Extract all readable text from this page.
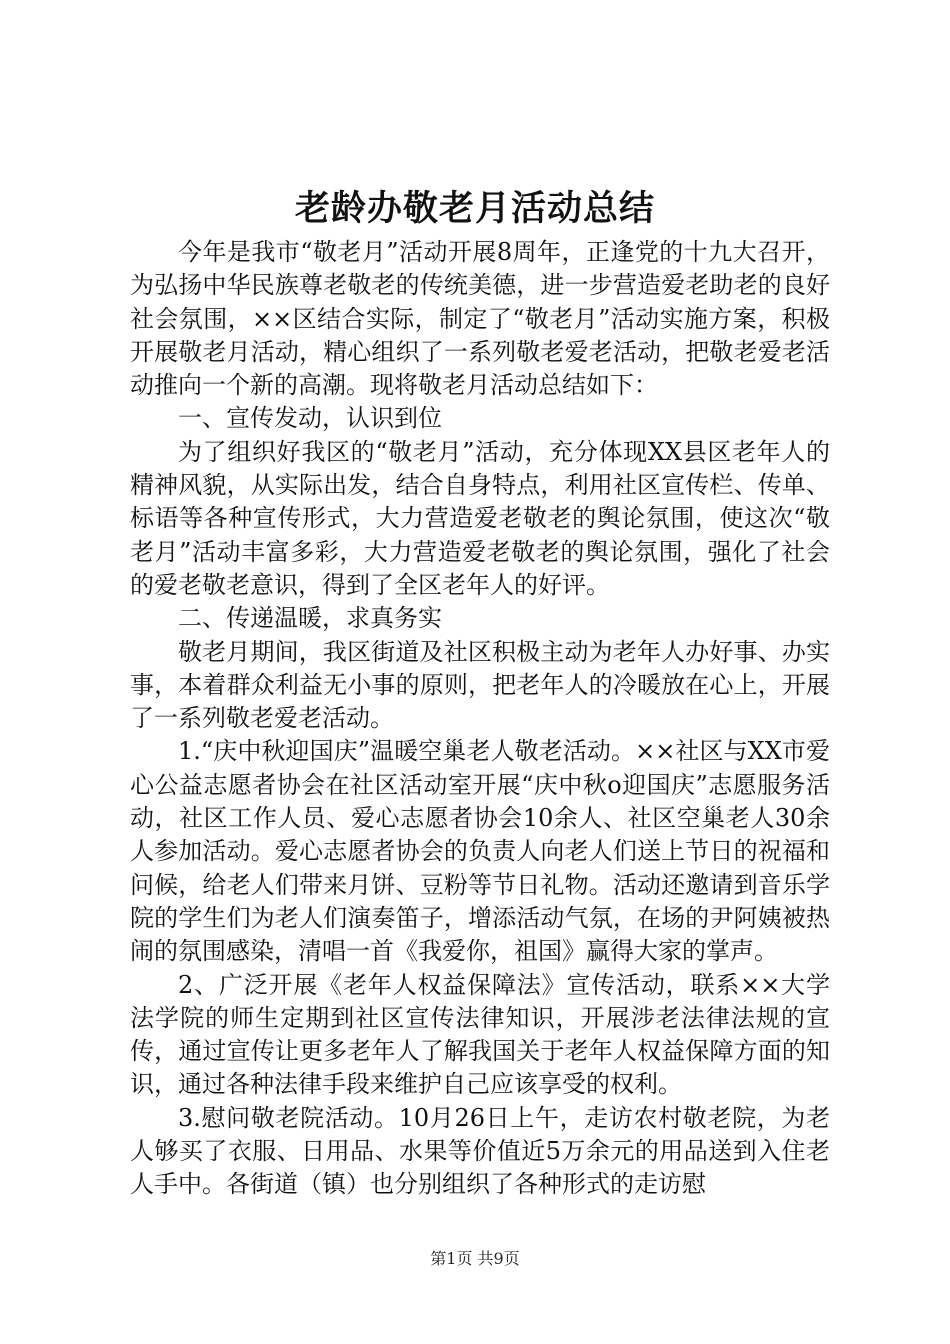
老龄办敬老月活动总结

今年是我市“敬老月”活动开展8周年，正逢党的十九大召开，为弘扬中华民族尊老敬老的传统美德，进一步营造爱老助老的良好社会氛围，××区结合实际，制定了“敬老月”活动实施方案，积极开展敬老月活动，精心组织了一系列敬老爱老活动，把敬老爱老活动推向一个新的高潮。现将敬老月活动总结如下：

一、宣传发动，认识到位

为了组织好我区的“敬老月”活动，充分体现XX县区老年人的精神风貌，从实际出发，结合自身特点，利用社区宣传栏、传单、标语等各种宣传形式，大力营造爱老敬老的舆论氛围，使这次“敬老月”活动丰富多彩，大力营造爱老敬老的舆论氛围，强化了社会的爱老敬老意识，得到了全区老年人的好评。

二、传递温暖，求真务实

敬老月期间，我区街道及社区积极主动为老年人办好事、办实事，本着群众利益无小事的原则，把老年人的冷暖放在心上，开展了一系列敬老爱老活动。

1.“庆中秋迎国庆”温暖空巢老人敬老活动。××社区与XX市爱心公益志愿者协会在社区活动室开展“庆中秋o迎国庆”志愿服务活动，社区工作人员、爱心志愿者协会10余人、社区空巢老人30余人参加活动。爱心志愿者协会的负责人向老人们送上节日的祝福和问候，给老人们带来月饼、豆粉等节日礼物。活动还邀请到音乐学院的学生们为老人们演奏笛子，增添活动气氛，在场的尹阿姨被热闹的氛围感染，清唱一首《我爱你，祖国》赢得大家的掌声。

2、广泛开展《老年人权益保障法》宣传活动，联系××大学法学院的师生定期到社区宣传法律知识，开展涉老法律法规的宣传，通过宣传让更多老年人了解我国关于老年人权益保障方面的知识，通过各种法律手段来维护自己应该享受的权利。

3.慰问敬老院活动。10月26日上午，走访农村敬老院，为老人够买了衣服、日用品、水果等价值近5万余元的用品送到入住老人手中。各街道（镇）也分别组织了各种形式的走访慰

第1页 共9页
